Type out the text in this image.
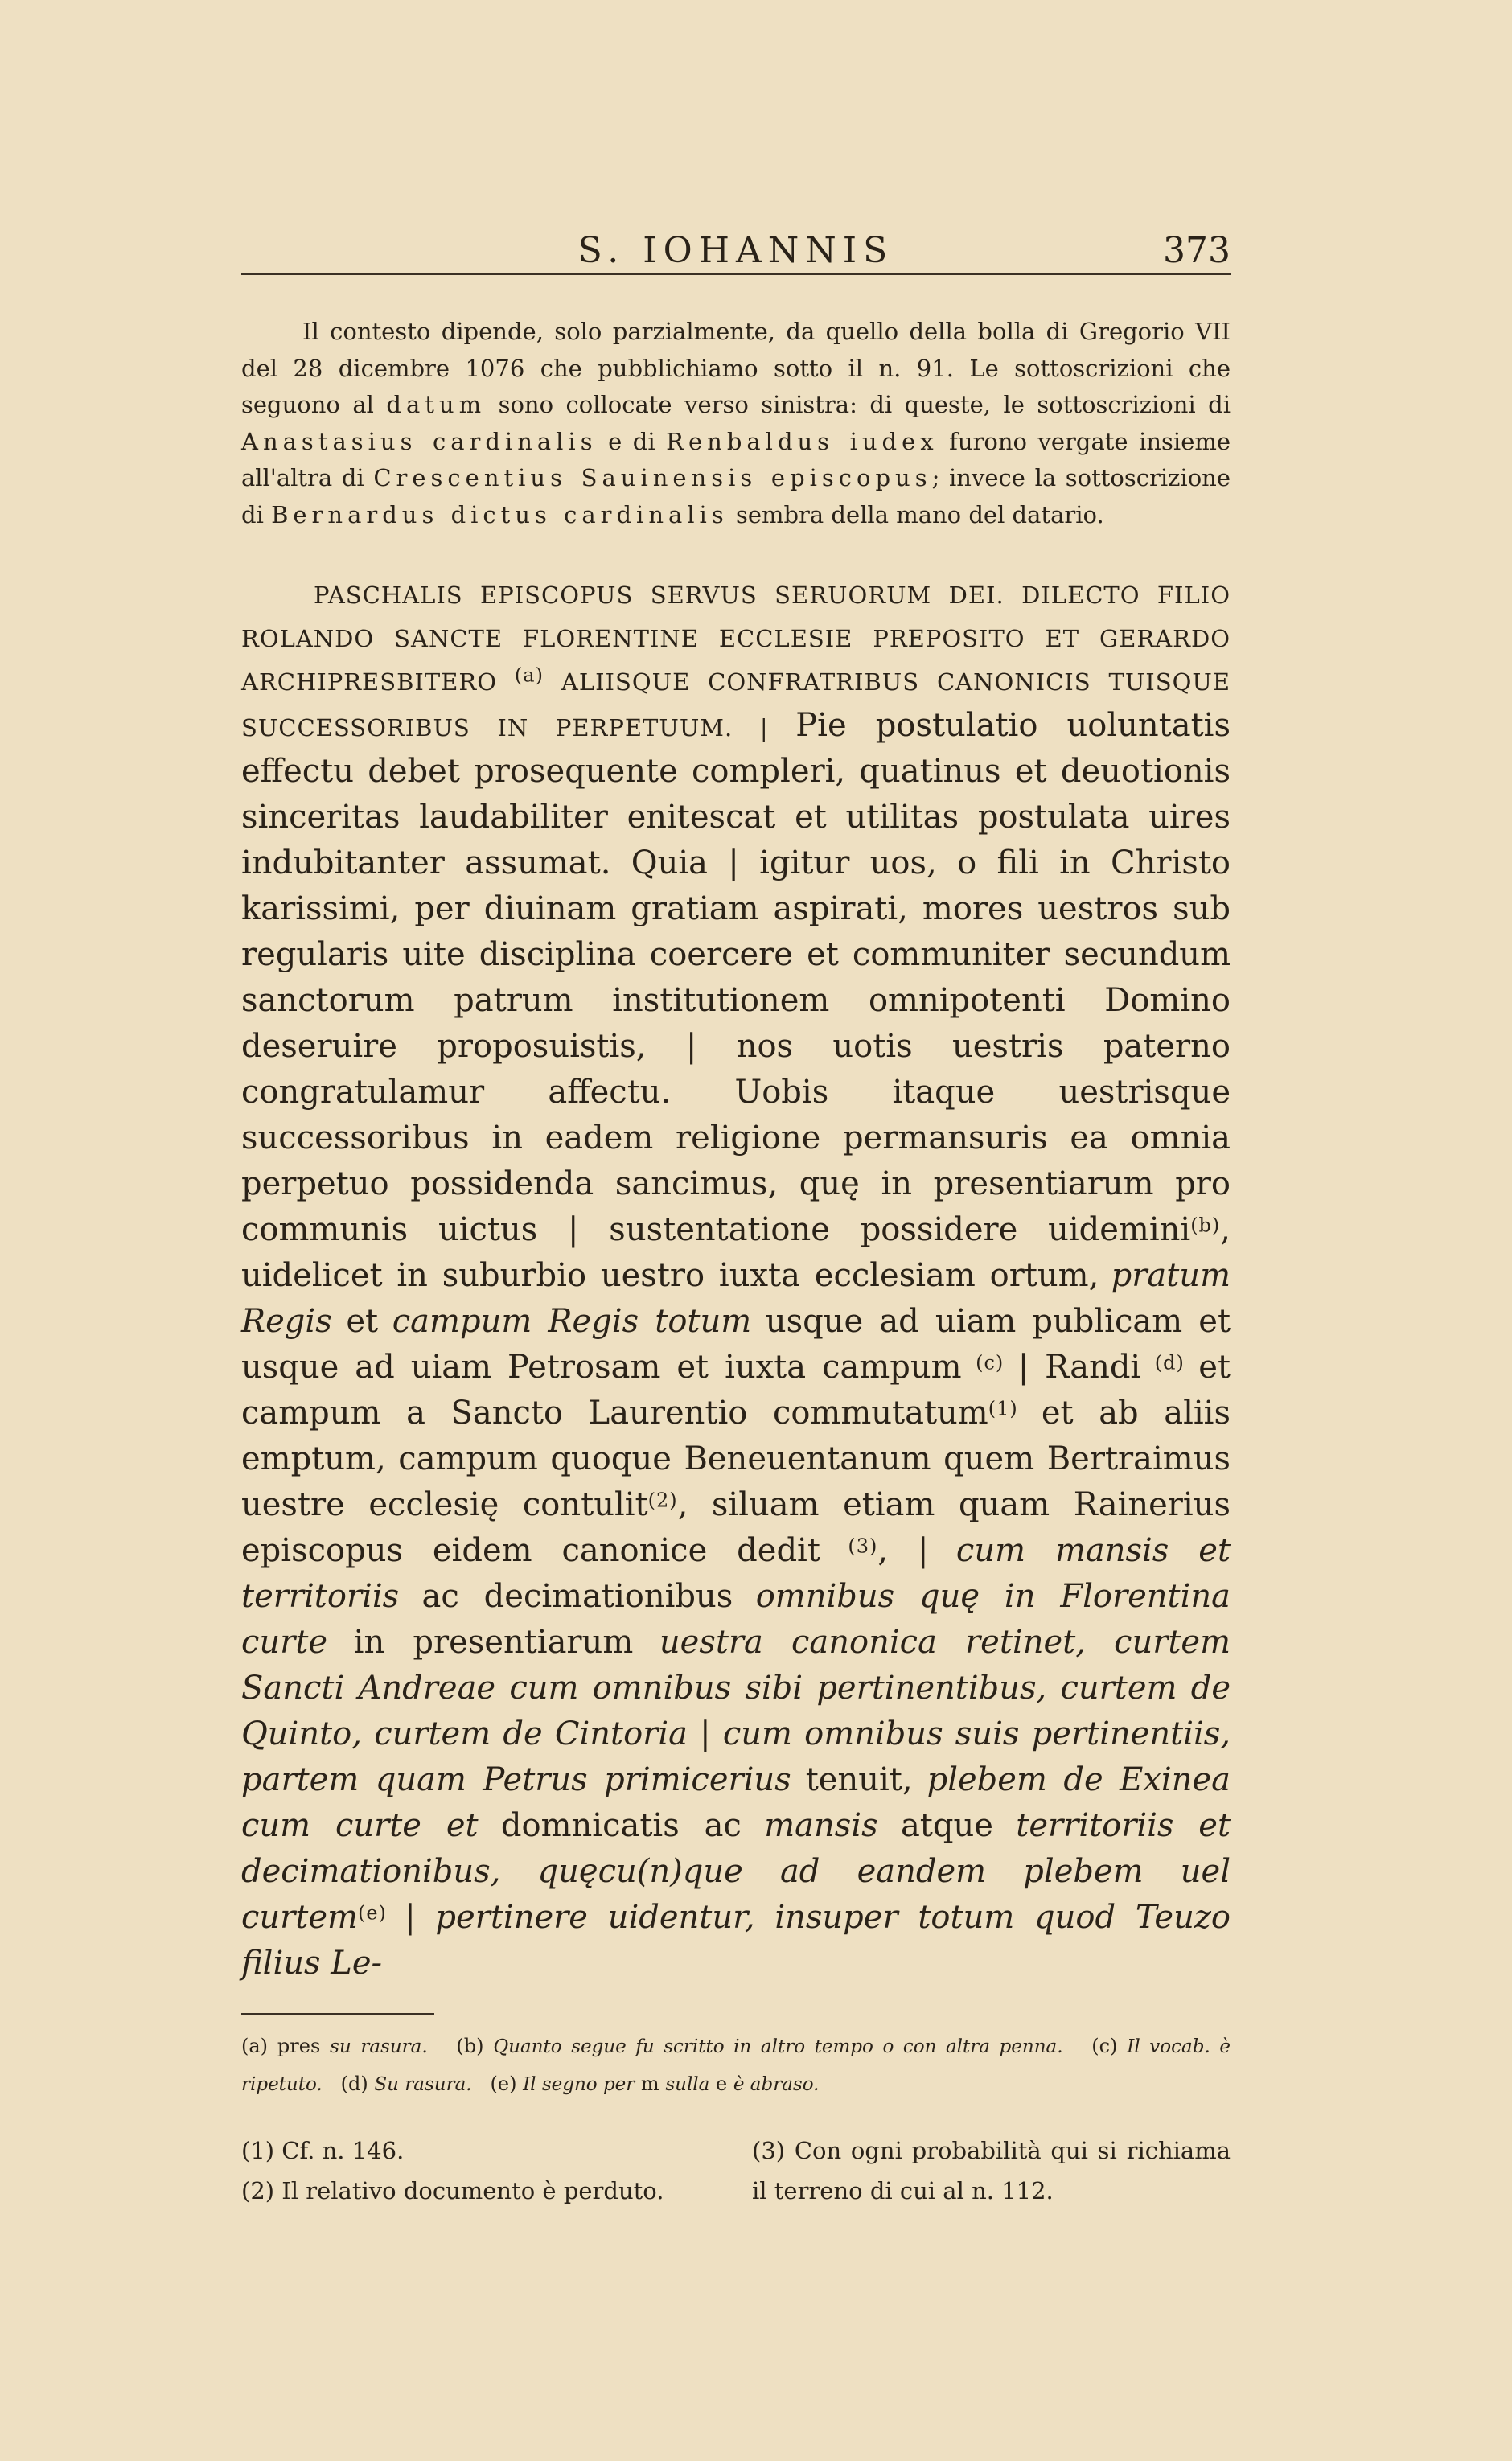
S. IOHANNIS	373
Il contesto dipende, solo parzialmente, da quello della bolla di Gregorio VII del 28 dicembre 1076 che pubblichiamo sotto il n. 91. Le sottoscrizioni che seguono al datum sono collocate verso sinistra: di queste, le sottoscrizioni di Anastasius cardinalis e di Renbaldus iudex furono vergate insieme all'altra di Crescentius Sauinensis episcopus; invece la sottoscrizione di Bernardus dictus cardinalis sembra della mano del datario.
PASCHALIS EPISCOPUS SERVUS SERUORUM DEI. DILECTO FILIO ROLANDO SANCTE FLORENTINE ECCLESIE PREPOSITO ET GERARDO ARCHIPRESBITERO $^{(a)}$ ALIISQUE CONFRATRIBUS CANONICIS TUISQUE SUCCESSORIBUS IN PERPETUUM. | Pie postulatio uoluntatis effectu debet prosequente compleri, quatinus et deuotionis sinceritas laudabiliter enitescat et utilitas postulata uires indubitanter assumat. Quia | igitur uos, o fili in Christo karissimi, per diuinam gratiam aspirati, mores uestros sub regularis uite disciplina coercere et communiter secundum sanctorum patrum institutionem omnipotenti Domino deseruire proposuistis, | nos uotis uestris paterno congratulamur affectu. Uobis itaque uestrisque successoribus in eadem religione permansuris ea omnia perpetuo possidenda sancimus, quę in presentiarum pro communis uictus | sustentatione possidere uidemini$^{(b)}$, uidelicet in suburbio uestro iuxta ecclesiam ortum, pratum Regis et campum Regis totum usque ad uiam publicam et usque ad uiam Petrosam et iuxta campum $^{(c)}$ | Randi $^{(d)}$ et campum a Sancto Laurentio commutatum$^{(1)}$ et ab aliis emptum, campum quoque Beneuentanum quem Bertraimus uestre ecclesię contulit$^{(2)}$, siluam etiam quam Rainerius episcopus eidem canonice dedit $^{(3)}$, | cum mansis et territoriis ac decimationibus omnibus quę in Florentina curte in presentiarum uestra canonica retinet, curtem Sancti Andreae cum omnibus sibi pertinentibus, curtem de Quinto, curtem de Cintoria | cum omnibus suis pertinentiis, partem quam Petrus primicerius tenuit, plebem de Exinea cum curte et domnicatis ac mansis atque territoriis et decimationibus, quęcu(n)que ad eandem plebem uel curtem$^{(e)}$ | pertinere uidentur, insuper totum quod Teuzo filius Le-
(a) pres su rasura. (b) Quanto segue fu scritto in altro tempo o con altra penna. (c) Il vocab. è ripetuto. (d) Su rasura. (e) Il segno per m sulla e è abraso.
(1) Cf. n. 146.
(2) Il relativo documento è perduto.
(3) Con ogni probabilità qui si richiama il terreno di cui al n. 112.
